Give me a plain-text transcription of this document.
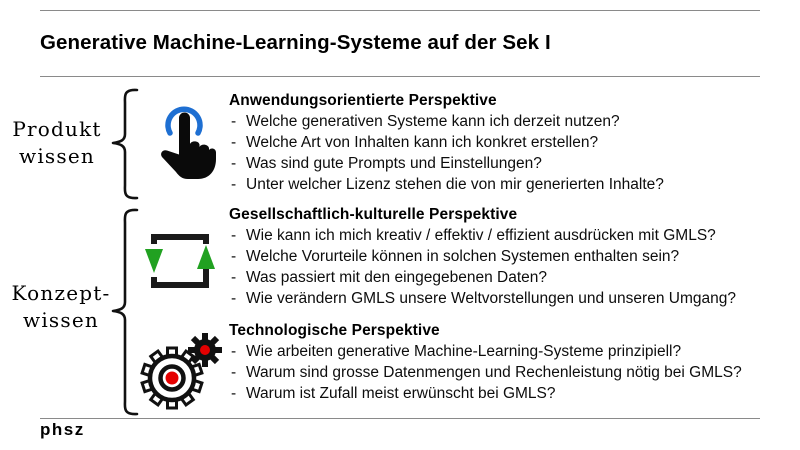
Generative Machine-Learning-Systeme auf der Sek I
Produkt
wissen
Konzept-
wissen
Anwendungsorientierte Perspektive
- Welche generativen Systeme kann ich derzeit nutzen?
- Welche Art von Inhalten kann ich konkret erstellen?
- Was sind gute Prompts und Einstellungen?
- Unter welcher Lizenz stehen die von mir generierten Inhalte?
Gesellschaftlich-kulturelle Perspektive
- Wie kann ich mich kreativ / effektiv / effizient ausdrücken mit GMLS?
- Welche Vorurteile können in solchen Systemen enthalten sein?
- Was passiert mit den eingegebenen Daten?
- Wie verändern GMLS unsere Weltvorstellungen und unseren Umgang?
Technologische Perspektive
- Wie arbeiten generative Machine-Learning-Systeme prinzipiell?
- Warum sind grosse Datenmengen und Rechenleistung nötig bei GMLS?
- Warum ist Zufall meist erwünscht bei GMLS?
phsz
